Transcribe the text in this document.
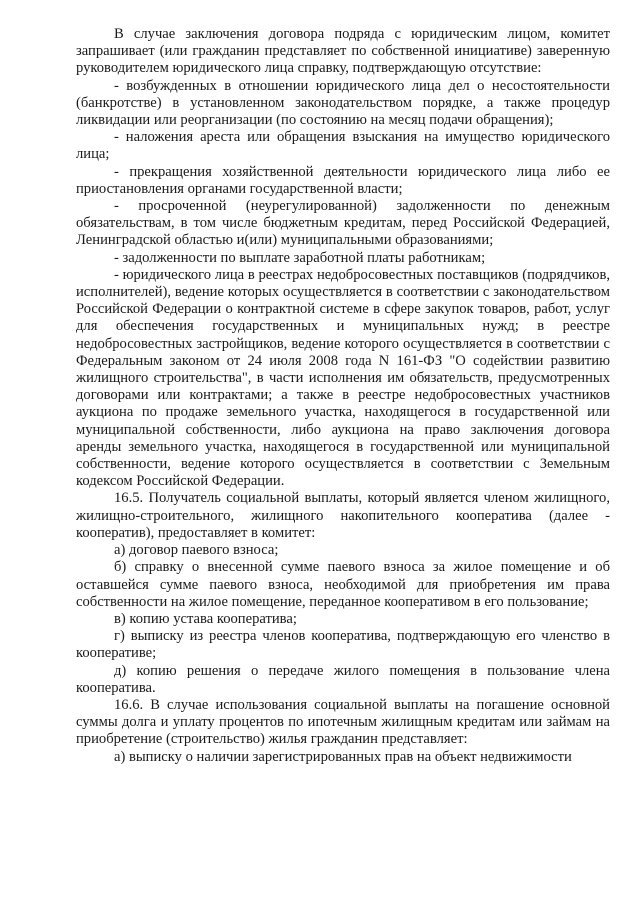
В случае заключения договора подряда с юридическим лицом, комитет запрашивает (или гражданин представляет по собственной инициативе) заверенную руководителем юридического лица справку, подтверждающую отсутствие:

- возбужденных в отношении юридического лица дел о несостоятельности (банкротстве) в установленном законодательством порядке, а также процедур ликвидации или реорганизации (по состоянию на месяц подачи обращения);

- наложения ареста или обращения взыскания на имущество юридического лица;

- прекращения хозяйственной деятельности юридического лица либо ее приостановления органами государственной власти;

- просроченной (неурегулированной) задолженности по денежным обязательствам, в том числе бюджетным кредитам, перед Российской Федерацией, Ленинградской областью и(или) муниципальными образованиями;

- задолженности по выплате заработной платы работникам;

- юридического лица в реестрах недобросовестных поставщиков (подрядчиков, исполнителей), ведение которых осуществляется в соответствии с законодательством Российской Федерации о контрактной системе в сфере закупок товаров, работ, услуг для обеспечения государственных и муниципальных нужд; в реестре недобросовестных застройщиков, ведение которого осуществляется в соответствии с Федеральным законом от 24 июля 2008 года N 161-ФЗ "О содействии развитию жилищного строительства", в части исполнения им обязательств, предусмотренных договорами или контрактами; а также в реестре недобросовестных участников аукциона по продаже земельного участка, находящегося в государственной или муниципальной собственности, либо аукциона на право заключения договора аренды земельного участка, находящегося в государственной или муниципальной собственности, ведение которого осуществляется в соответствии с Земельным кодексом Российской Федерации.

16.5. Получатель социальной выплаты, который является членом жилищного, жилищно-строительного, жилищного накопительного кооператива (далее - кооператив), предоставляет в комитет:

а) договор паевого взноса;

б) справку о внесенной сумме паевого взноса за жилое помещение и об оставшейся сумме паевого взноса, необходимой для приобретения им права собственности на жилое помещение, переданное кооперативом в его пользование;

в) копию устава кооператива;

г) выписку из реестра членов кооператива, подтверждающую его членство в кооперативе;

д) копию решения о передаче жилого помещения в пользование члена кооператива.

16.6. В случае использования социальной выплаты на погашение основной суммы долга и уплату процентов по ипотечным жилищным кредитам или займам на приобретение (строительство) жилья гражданин представляет:

а) выписку о наличии зарегистрированных прав на объект недвижимости
